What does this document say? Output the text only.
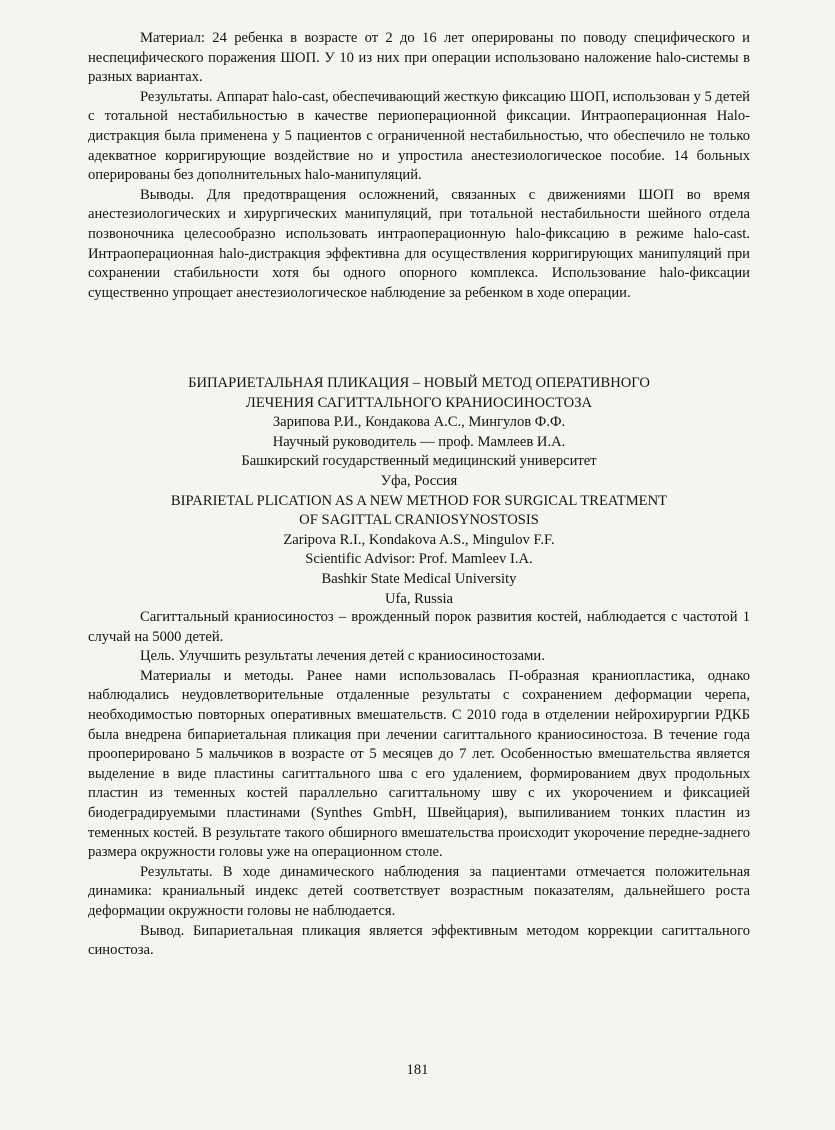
Материал: 24 ребенка в возрасте от 2 до 16 лет оперированы по поводу специфического и неспецифического поражения ШОП. У 10 из них при операции использовано наложение halo-системы в разных вариантах.

Результаты. Аппарат halo-cast, обеспечивающий жесткую фиксацию ШОП, использован у 5 детей с тотальной нестабильностью в качестве периоперационной фиксации. Интраоперационная Halo-дистракция была применена у 5 пациентов с ограниченной нестабильностью, что обеспечило не только адекватное корригирующие воздействие но и упростила анестезиологическое пособие. 14 больных оперированы без дополнительных halo-манипуляций.

Выводы. Для предотвращения осложнений, связанных с движениями ШОП во время анестезиологических и хирургических манипуляций, при тотальной нестабильности шейного отдела позвоночника целесообразно использовать интраоперационную halo-фиксацию в режиме halo-cast. Интраоперационная halo-дистракция эффективна для осуществления корригирующих манипуляций при сохранении стабильности хотя бы одного опорного комплекса. Использование halo-фиксации существенно упрощает анестезиологическое наблюдение за ребенком в ходе операции.

БИПАРИЕТАЛЬНАЯ ПЛИКАЦИЯ – НОВЫЙ МЕТОД ОПЕРАТИВНОГО
ЛЕЧЕНИЯ САГИТТАЛЬНОГО КРАНИОСИНОСТОЗА
Зарипова Р.И., Кондакова А.С., Мингулов Ф.Ф.
Научный руководитель — проф. Мамлеев И.А.
Башкирский государственный медицинский университет
Уфа, Россия
BIPARIETAL PLICATION AS A NEW METHOD FOR SURGICAL TREATMENT
OF SAGITTAL CRANIOSYNOSTOSIS
Zaripova R.I., Kondakova A.S., Mingulov F.F.
Scientific Advisor: Prof. Mamleev I.A.
Bashkir State Medical University
Ufa, Russia

Сагиттальный краниосиностоз – врожденный порок развития костей, наблюдается с частотой 1 случай на 5000 детей.

Цель. Улучшить результаты лечения детей с краниосиностозами.

Материалы и методы. Ранее нами использовалась П-образная краниопластика, однако наблюдались неудовлетворительные отдаленные результаты с сохранением деформации черепа, необходимостью повторных оперативных вмешательств. С 2010 года в отделении нейрохирургии РДКБ была внедрена бипариетальная пликация при лечении сагиттального краниосиностоза. В течение года прооперировано 5 мальчиков в возрасте от 5 месяцев до 7 лет. Особенностью вмешательства является выделение в виде пластины сагиттального шва с его удалением, формированием двух продольных пластин из теменных костей параллельно сагиттальному шву с их укорочением и фиксацией биодеградируемыми пластинами (Synthes GmbH, Швейцария), выпиливанием тонких пластин из теменных костей. В результате такого обширного вмешательства происходит укорочение передне-заднего размера окружности головы уже на операционном столе.

Результаты. В ходе динамического наблюдения за пациентами отмечается положительная динамика: краниальный индекс детей соответствует возрастным показателям, дальнейшего роста деформации окружности головы не наблюдается.

Вывод. Бипариетальная пликация является эффективным методом коррекции сагиттального синостоза.

181
